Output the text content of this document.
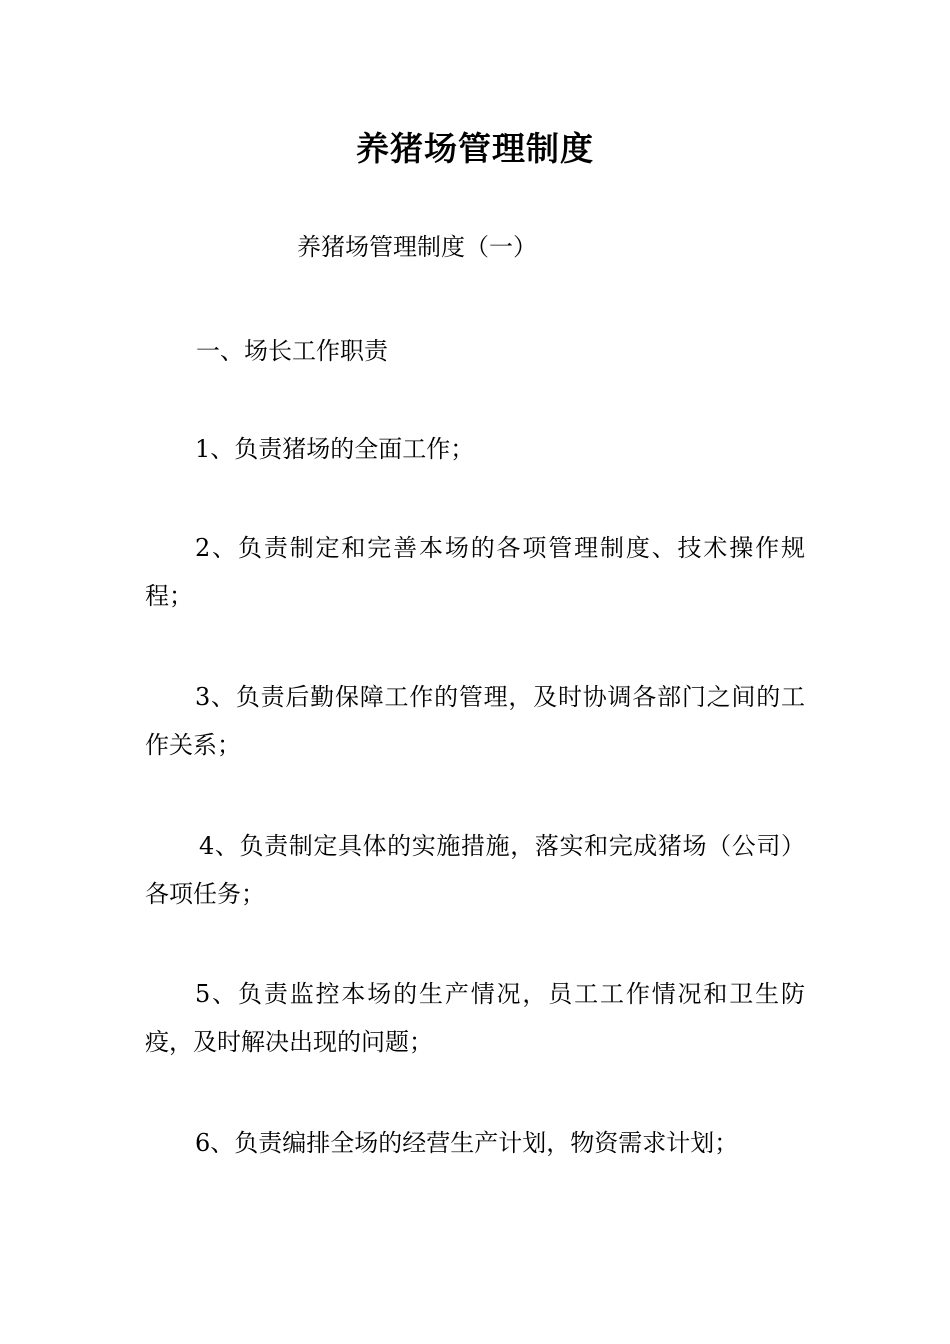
养猪场管理制度
养猪场管理制度（一）
一、场长工作职责
1、负责猪场的全面工作；
2、负责制定和完善本场的各项管理制度、技术操作规程；
3、负责后勤保障工作的管理，及时协调各部门之间的工作关系；
4、负责制定具体的实施措施，落实和完成猪场（公司）各项任务；
5、负责监控本场的生产情况，员工工作情况和卫生防疫，及时解决出现的问题；
6、负责编排全场的经营生产计划，物资需求计划；
